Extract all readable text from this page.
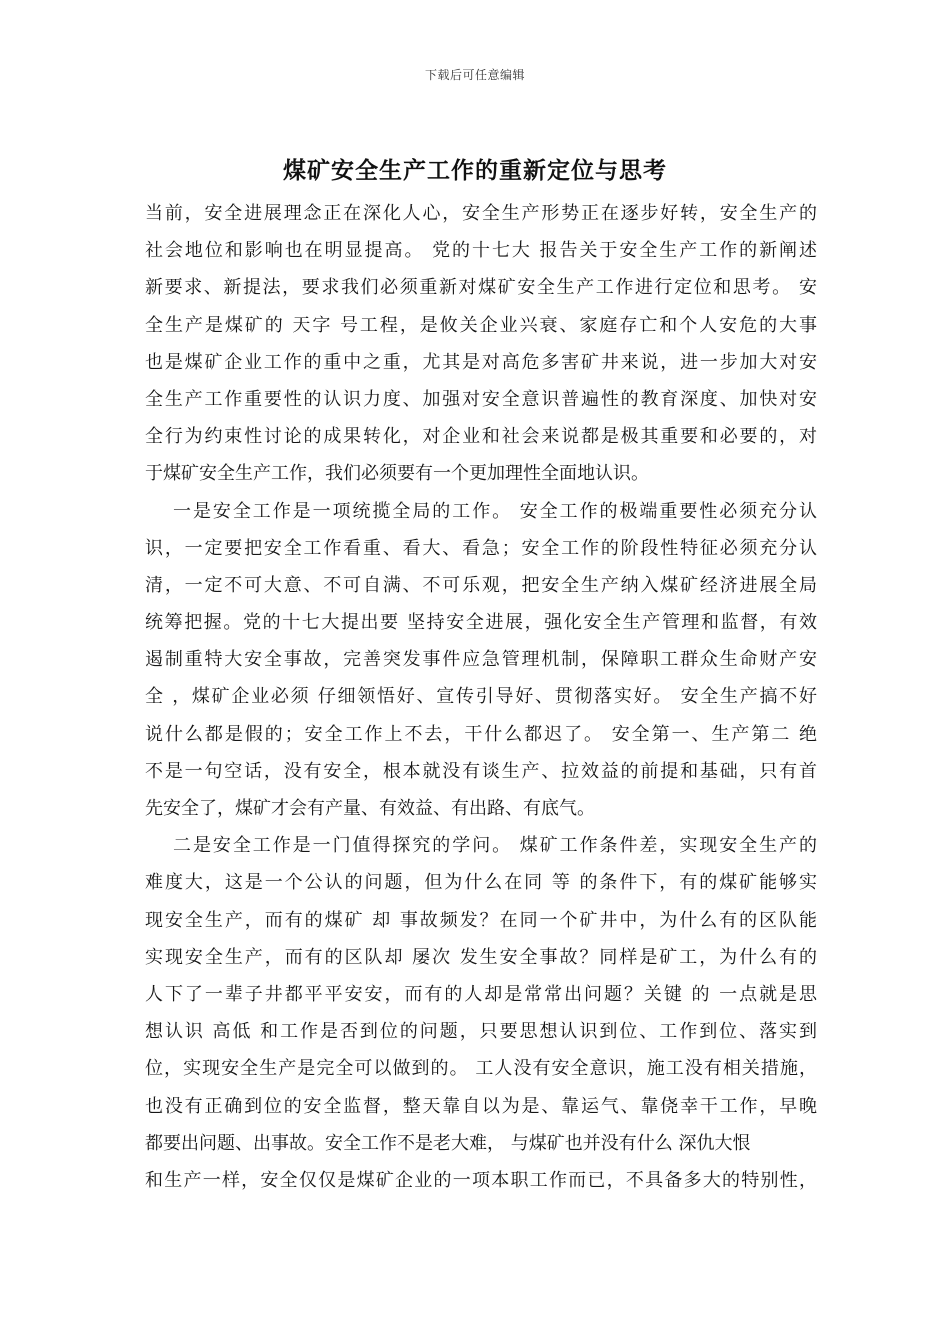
下载后可任意编辑
煤矿安全生产工作的重新定位与思考
当前，安全进展理念正在深化人心，安全生产形势正在逐步好转，安全生产的
社会地位和影响也在明显提高。 党的十七大 报告关于安全生产工作的新阐述
新要求、新提法，要求我们必须重新对煤矿安全生产工作进行定位和思考。 安
全生产是煤矿的 天字 号工程，是攸关企业兴衰、家庭存亡和个人安危的大事
也是煤矿企业工作的重中之重，尤其是对高危多害矿井来说，进一步加大对安
全生产工作重要性的认识力度、加强对安全意识普遍性的教育深度、加快对安
全行为约束性讨论的成果转化，对企业和社会来说都是极其重要和必要的，对
于煤矿安全生产工作，我们必须要有一个更加理性全面地认识。
一是安全工作是一项统揽全局的工作。 安全工作的极端重要性必须充分认
识，一定要把安全工作看重、看大、看急；安全工作的阶段性特征必须充分认
清，一定不可大意、不可自满、不可乐观，把安全生产纳入煤矿经济进展全局
统筹把握。党的十七大提出要 坚持安全进展，强化安全生产管理和监督，有效
遏制重特大安全事故，完善突发事件应急管理机制，保障职工群众生命财产安
全 ，煤矿企业必须 仔细领悟好、宣传引导好、贯彻落实好。 安全生产搞不好
说什么都是假的；安全工作上不去，干什么都迟了。 安全第一、生产第二 绝
不是一句空话，没有安全，根本就没有谈生产、拉效益的前提和基础，只有首
先安全了，煤矿才会有产量、有效益、有出路、有底气。
二是安全工作是一门值得探究的学问。 煤矿工作条件差，实现安全生产的
难度大，这是一个公认的问题，但为什么在同 等 的条件下，有的煤矿能够实
现安全生产，而有的煤矿 却 事故频发？在同一个矿井中，为什么有的区队能
实现安全生产，而有的区队却 屡次 发生安全事故？同样是矿工，为什么有的
人下了一辈子井都平平安安，而有的人却是常常出问题？关键 的 一点就是思
想认识 高低 和工作是否到位的问题，只要思想认识到位、工作到位、落实到
位，实现安全生产是完全可以做到的。 工人没有安全意识，施工没有相关措施，
也没有正确到位的安全监督，整天靠自以为是、靠运气、靠侥幸干工作，早晚
都要出问题、出事故。安全工作不是老大难， 与煤矿也并没有什么 深仇大恨
和生产一样，安全仅仅是煤矿企业的一项本职工作而已，不具备多大的特别性，
